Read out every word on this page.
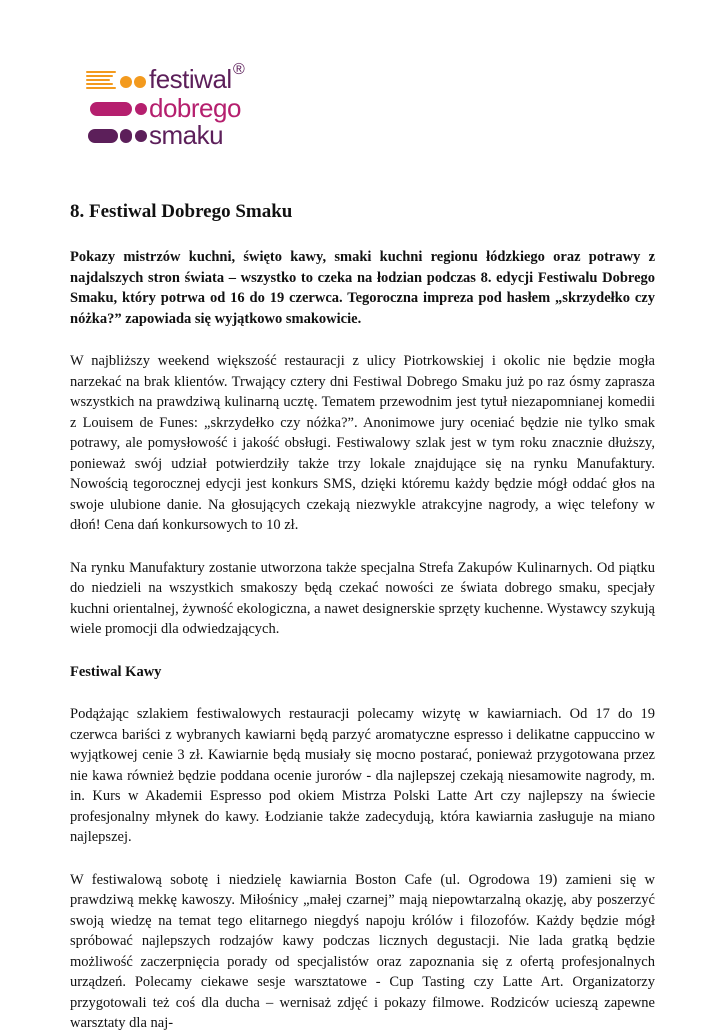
festiwal ®
dobrego
smaku
8. Festiwal Dobrego Smaku

Pokazy mistrzów kuchni, święto kawy, smaki kuchni regionu łódzkiego oraz potrawy z najdalszych stron świata – wszystko to czeka na łodzian podczas 8. edycji Festiwalu Dobrego Smaku, który potrwa od 16 do 19 czerwca. Tegoroczna impreza pod hasłem „skrzydełko czy nóżka?” zapowiada się wyjątkowo smakowicie.

W najbliższy weekend większość restauracji z ulicy Piotrkowskiej i okolic nie będzie mogła narzekać na brak klientów. Trwający cztery dni Festiwal Dobrego Smaku już po raz ósmy zaprasza wszystkich na prawdziwą kulinarną ucztę. Tematem przewodnim jest tytuł niezapomnianej komedii z Louisem de Funes: „skrzydełko czy nóżka?”. Anonimowe jury oceniać będzie nie tylko smak potrawy, ale pomysłowość i jakość obsługi. Festiwalowy szlak jest w tym roku znacznie dłuższy, ponieważ swój udział potwierdziły także trzy lokale znajdujące się na rynku Manufaktury. Nowością tegorocznej edycji jest konkurs SMS, dzięki któremu każdy będzie mógł oddać głos na swoje ulubione danie. Na głosujących czekają niezwykle atrakcyjne nagrody, a więc telefony w dłoń! Cena dań konkursowych to 10 zł.

Na rynku Manufaktury zostanie utworzona także specjalna Strefa Zakupów Kulinarnych. Od piątku do niedzieli na wszystkich smakoszy będą czekać nowości ze świata dobrego smaku, specjały kuchni orientalnej, żywność ekologiczna, a nawet designerskie sprzęty kuchenne. Wystawcy szykują wiele promocji dla odwiedzających.

Festiwal Kawy

Podążając szlakiem festiwalowych restauracji polecamy wizytę w kawiarniach. Od 17 do 19 czerwca bariści z wybranych kawiarni będą parzyć aromatyczne espresso i delikatne cappuccino w wyjątkowej cenie 3 zł. Kawiarnie będą musiały się mocno postarać, ponieważ przygotowana przez nie kawa również będzie poddana ocenie jurorów - dla najlepszej czekają niesamowite nagrody, m. in. Kurs w Akademii Espresso pod okiem Mistrza Polski Latte Art czy najlepszy na świecie profesjonalny młynek do kawy. Łodzianie także zadecydują, która kawiarnia zasługuje na miano najlepszej.

W festiwalową sobotę i niedzielę kawiarnia Boston Cafe (ul. Ogrodowa 19) zamieni się w prawdziwą mekkę kawoszy. Miłośnicy „małej czarnej” mają niepowtarzalną okazję, aby poszerzyć swoją wiedzę na temat tego elitarnego niegdyś napoju królów i filozofów. Każdy będzie mógł spróbować najlepszych rodzajów kawy podczas licznych degustacji. Nie lada gratką będzie możliwość zaczerpnięcia porady od specjalistów oraz zapoznania się z ofertą profesjonalnych urządzeń. Polecamy ciekawe sesje warsztatowe - Cup Tasting czy Latte Art. Organizatorzy przygotowali też coś dla ducha – wernisaż zdjęć i pokazy filmowe. Rodziców ucieszą zapewne warsztaty dla naj-
